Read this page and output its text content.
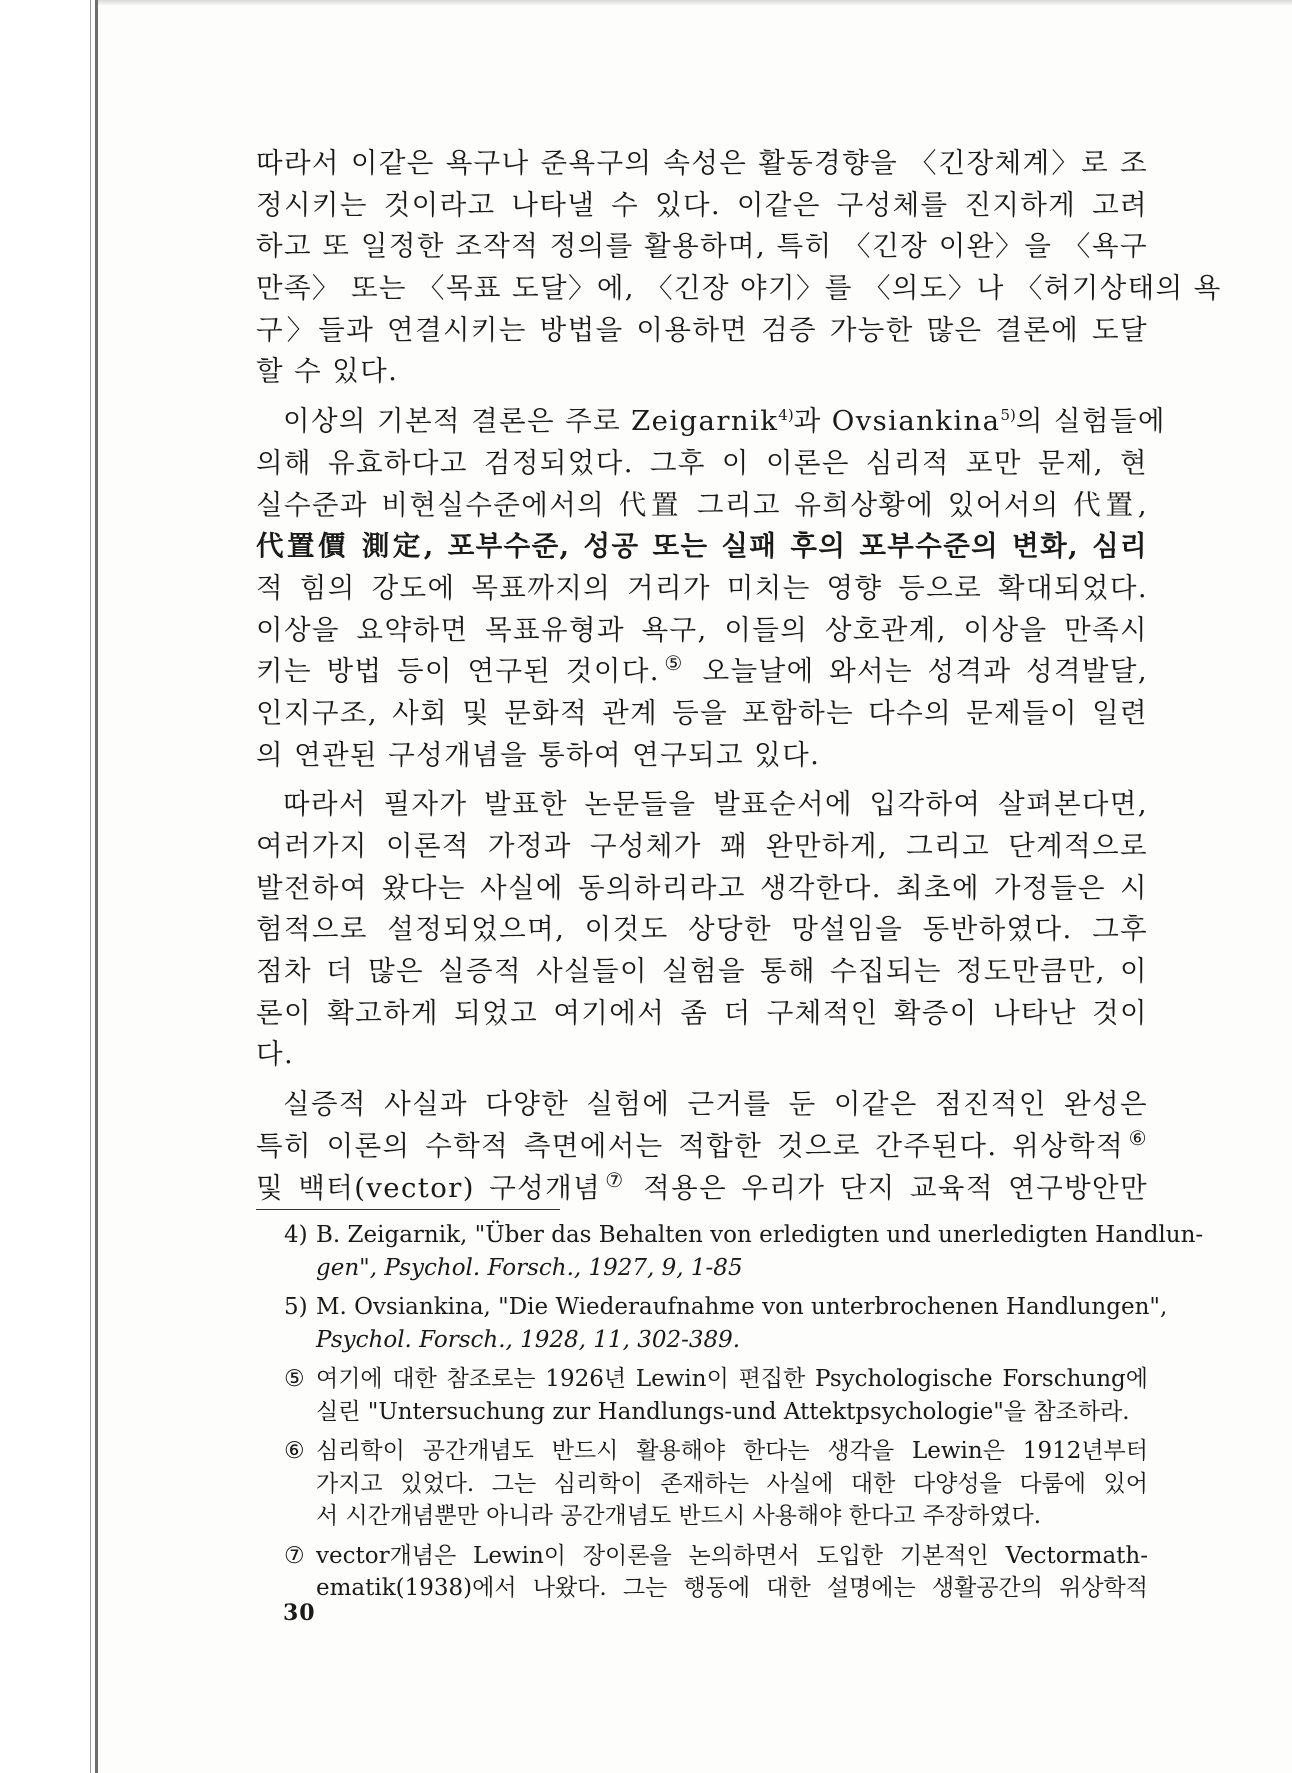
따라서 이같은 욕구나 준욕구의 속성은 활동경향을 〈긴장체계〉로 조
정시키는 것이라고 나타낼 수 있다. 이같은 구성체를 진지하게 고려
하고 또 일정한 조작적 정의를 활용하며, 특히 〈긴장 이완〉을 〈욕구
만족〉 또는 〈목표 도달〉에, 〈긴장 야기〉를 〈의도〉나 〈허기상태의 욕
구〉들과 연결시키는 방법을 이용하면 검증 가능한 많은 결론에 도달
할 수 있다.
이상의 기본적 결론은 주로 Zeigarnik$^{4)}$과 Ovsiankina$^{5)}$의 실험들에
의해 유효하다고 검정되었다. 그후 이 이론은 심리적 포만 문제, 현
실수준과 비현실수준에서의 代置 그리고 유희상황에 있어서의 代置,
代置價 測定, 포부수준, 성공 또는 실패 후의 포부수준의 변화, 심리
적 힘의 강도에 목표까지의 거리가 미치는 영향 등으로 확대되었다.
이상을 요약하면 목표유형과 욕구, 이들의 상호관계, 이상을 만족시
키는 방법 등이 연구된 것이다.⑤ 오늘날에 와서는 성격과 성격발달,
인지구조, 사회 및 문화적 관계 등을 포함하는 다수의 문제들이 일련
의 연관된 구성개념을 통하여 연구되고 있다.
따라서 필자가 발표한 논문들을 발표순서에 입각하여 살펴본다면,
여러가지 이론적 가정과 구성체가 꽤 완만하게, 그리고 단계적으로
발전하여 왔다는 사실에 동의하리라고 생각한다. 최초에 가정들은 시
험적으로 설정되었으며, 이것도 상당한 망설임을 동반하였다. 그후
점차 더 많은 실증적 사실들이 실험을 통해 수집되는 정도만큼만, 이
론이 확고하게 되었고 여기에서 좀 더 구체적인 확증이 나타난 것이
다.
실증적 사실과 다양한 실험에 근거를 둔 이같은 점진적인 완성은
특히 이론의 수학적 측면에서는 적합한 것으로 간주된다. 위상학적⑥
및 백터(vector) 구성개념⑦ 적용은 우리가 단지 교육적 연구방안만
4) B. Zeigarnik, "Über das Behalten von erledigten und unerledigten Handlun-
gen", Psychol. Forsch., 1927, 9, 1-85
5) M. Ovsiankina, "Die Wiederaufnahme von unterbrochenen Handlungen",
Psychol. Forsch., 1928, 11, 302-389.
⑤ 여기에 대한 참조로는 1926년 Lewin이 편집한 Psychologische Forschung에
실린 "Untersuchung zur Handlungs-und Attektpsychologie"을 참조하라.
⑥ 심리학이 공간개념도 반드시 활용해야 한다는 생각을 Lewin은 1912년부터
가지고 있었다. 그는 심리학이 존재하는 사실에 대한 다양성을 다룸에 있어
서 시간개념뿐만 아니라 공간개념도 반드시 사용해야 한다고 주장하였다.
⑦ vector개념은 Lewin이 장이론을 논의하면서 도입한 기본적인 Vectormath-
ematik(1938)에서 나왔다. 그는 행동에 대한 설명에는 생활공간의 위상학적
30
